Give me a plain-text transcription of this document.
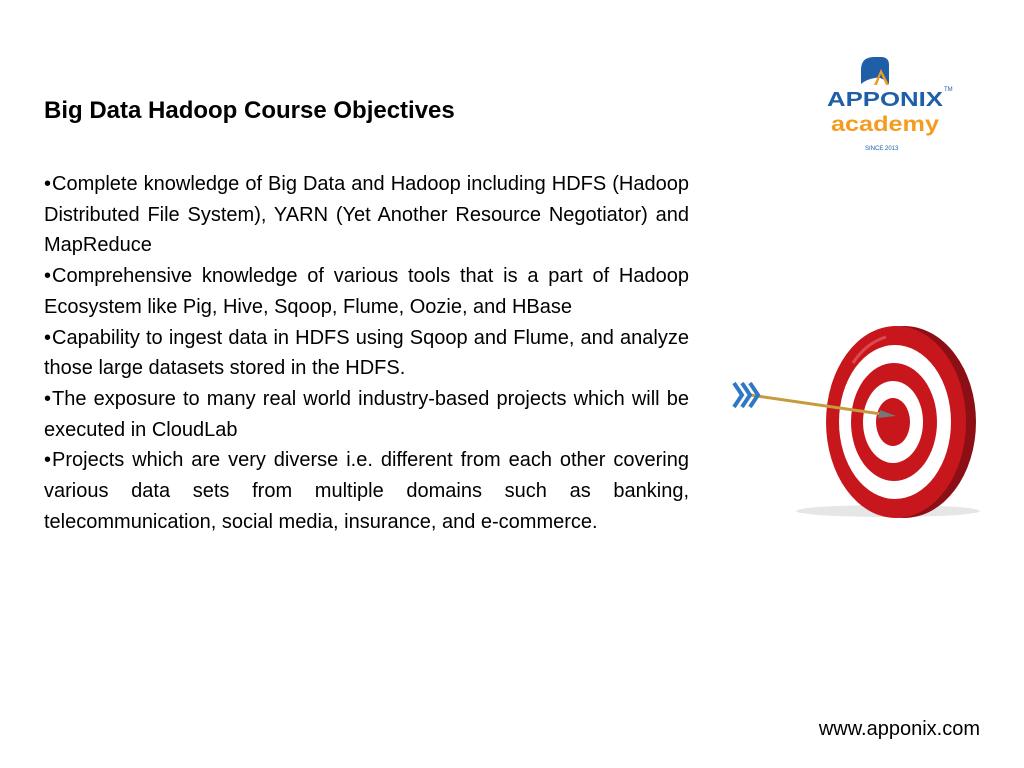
Big Data Hadoop Course Objectives
•Complete knowledge of Big Data and Hadoop including HDFS (Hadoop Distributed File System), YARN (Yet Another Resource Negotiator) and MapReduce
•Comprehensive knowledge of various tools that is a part of Hadoop Ecosystem like Pig, Hive, Sqoop, Flume, Oozie, and HBase
•Capability to ingest data in HDFS using Sqoop and Flume, and analyze those large datasets stored in the HDFS.
•The exposure to many real world industry-based projects which will be executed in CloudLab
•Projects which are very diverse i.e. different from each other covering various data sets from multiple domains such as banking, telecommunication, social media, insurance, and e-commerce.
APPONIX TM
academy
SINCE 2013
www.apponix.com
